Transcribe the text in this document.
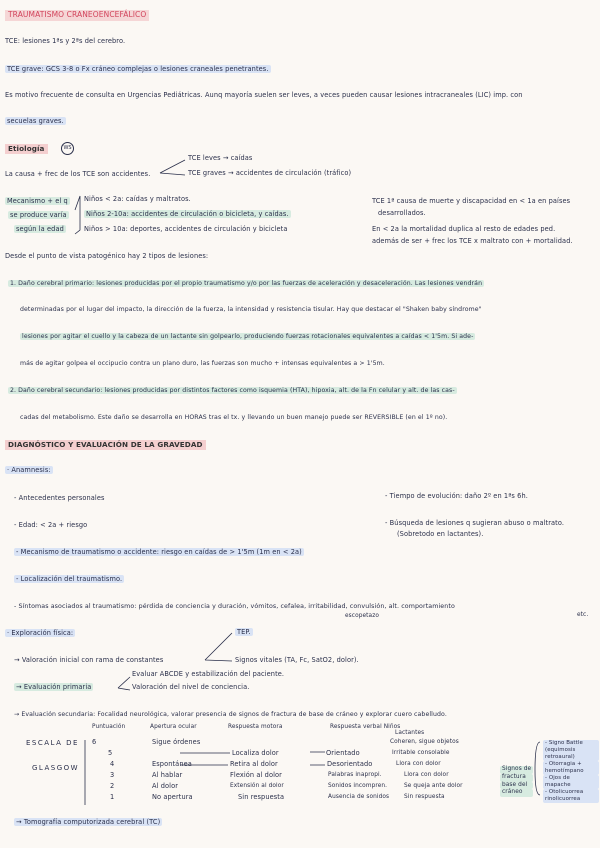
TRAUMATISMO CRANEOENCEFÁLICO
TCE: lesiones 1ªs y 2ªs del cerebro.
TCE grave: GCS 3-8 o Fx cráneo complejas o lesiones craneales penetrantes.
Es motivo frecuente de consulta en Urgencias Pediátricas. Aunq mayoría suelen ser leves, a veces pueden causar lesiones intracraneales (LIC) imp. con
secuelas graves.
Etiología	WS
La causa + frec de los TCE son accidentes.
TCE leves → caídas
TCE graves → accidentes de circulación (tráfico)
Mecanismo + el q
se produce varía
según la edad
Niños < 2a: caídas y maltratos.
Niños 2-10a: accidentes de circulación o bicicleta, y caídas.
Niños > 10a: deportes, accidentes de circulación y bicicleta
TCE 1ª causa de muerte y discapacidad en < 1a en países
desarrollados.
En < 2a la mortalidad duplica al resto de edades ped.
además de ser + frec los TCE x maltrato con + mortalidad.
Desde el punto de vista patogénico hay 2 tipos de lesiones:
1. Daño cerebral primario: lesiones producidas por el propio traumatismo y/o por las fuerzas de aceleración y desaceleración. Las lesiones vendrán
determinadas por el lugar del impacto, la dirección de la fuerza, la intensidad y resistencia tisular. Hay que destacar el "Shaken baby síndrome"
lesiones por agitar el cuello y la cabeza de un lactante sin golpearlo, produciendo fuerzas rotacionales equivalentes a caídas < 1'5m. Si ade-
más de agitar golpea el occipucio contra un plano duro, las fuerzas son mucho + intensas equivalentes a > 1'5m.
2. Daño cerebral secundario: lesiones producidas por distintos factores como isquemia (HTA), hipoxia, alt. de la Fn celular y alt. de las cas-
cadas del metabolismo. Este daño se desarrolla en HORAS tras el tx. y llevando un buen manejo puede ser REVERSIBLE (en el 1º no).
DIAGNÓSTICO Y EVALUACIÓN DE LA GRAVEDAD
· Anamnesis:
- Antecedentes personales
- Edad: < 2a + riesgo
- Mecanismo de traumatismo o accidente: riesgo en caídas de > 1'5m (1m en < 2a)
- Localización del traumatismo.
- Síntomas asociados al traumatismo: pérdida de conciencia y duración, vómitos, cefalea, irritabilidad, convulsión, alt. comportamiento
escopetazo	etc.
- Tiempo de evolución: daño 2º en 1ªs 6h.
- Búsqueda de lesiones q sugieran abuso o maltrato.
(Sobretodo en lactantes).
· Exploración física:
→ Valoración inicial con rama de constantes
TEP.
Signos vitales (TA, Fc, SatO2, dolor).
→ Evaluación primaria
Evaluar ABCDE y estabilización del paciente.
Valoración del nivel de conciencia.
→ Evaluación secundaria: Focalidad neurológica, valorar presencia de signos de fractura de base de cráneo y explorar cuero cabelludo.
ESCALA DE
GLASGOW
Puntuación	Apertura ocular	Respuesta motora	Respuesta verbal Niños
Lactantes
6	Sigue órdenes	Coheren, sigue objetos
5	Localiza dolor	Orientado	Irritable consolable
4	Espontánea	Retira al dolor	Desorientado	Llora con dolor
3	Al hablar	Flexión al dolor	Palabras inapropi.	Llora con dolor
2	Al dolor	Extensión al dolor	Sonidos incompren.	Se queja ante dolor
1	No apertura	Sin respuesta	Ausencia de sonidos	Sin respuesta
Signos de
fractura
base del
cráneo
- Signo Battle (equimosis retroaural)
- Otorragia + hemotímpano
- Ojos de mapache
- Otolicuorrea rinolicuorrea
→ Tomografía computorizada cerebral (TC)
